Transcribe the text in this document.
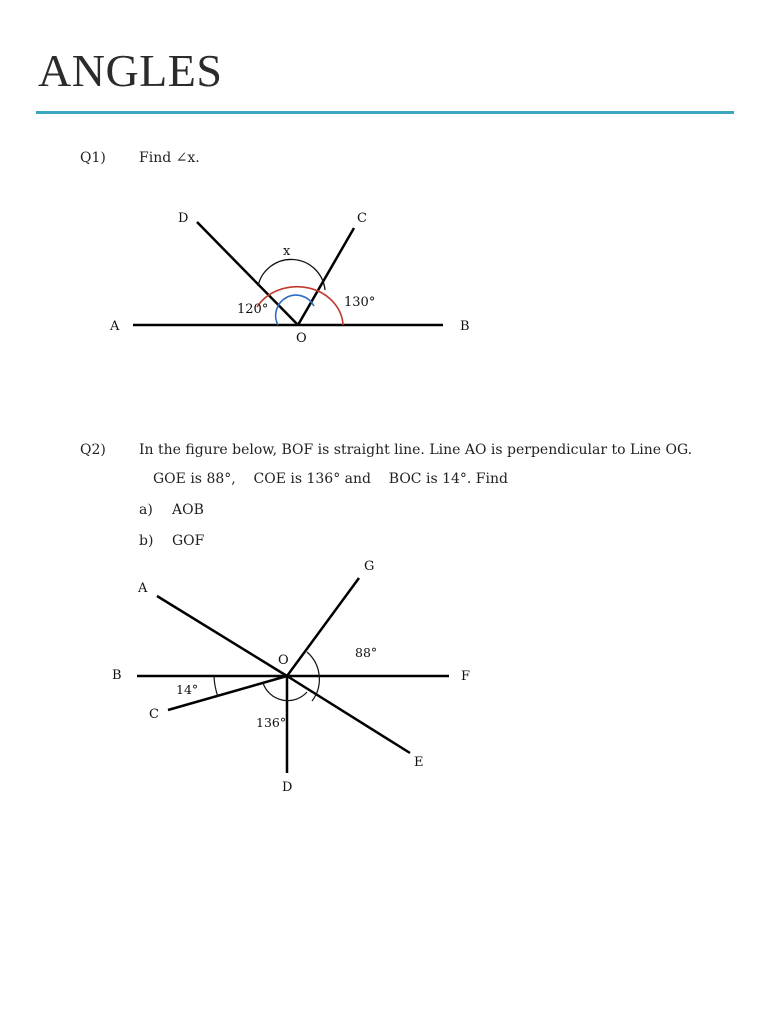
ANGLES
Q1) Find ∠x.
D	C
A	B
O
x
120°	130°
Q2) In the figure below, BOF is straight line. Line AO is perpendicular to Line OG.
GOE is 88°,    COE is 136° and    BOC is 14°. Find
a) AOB
b) GOF
A
G
B	F
C
D
E
O
88°
14°
136°
